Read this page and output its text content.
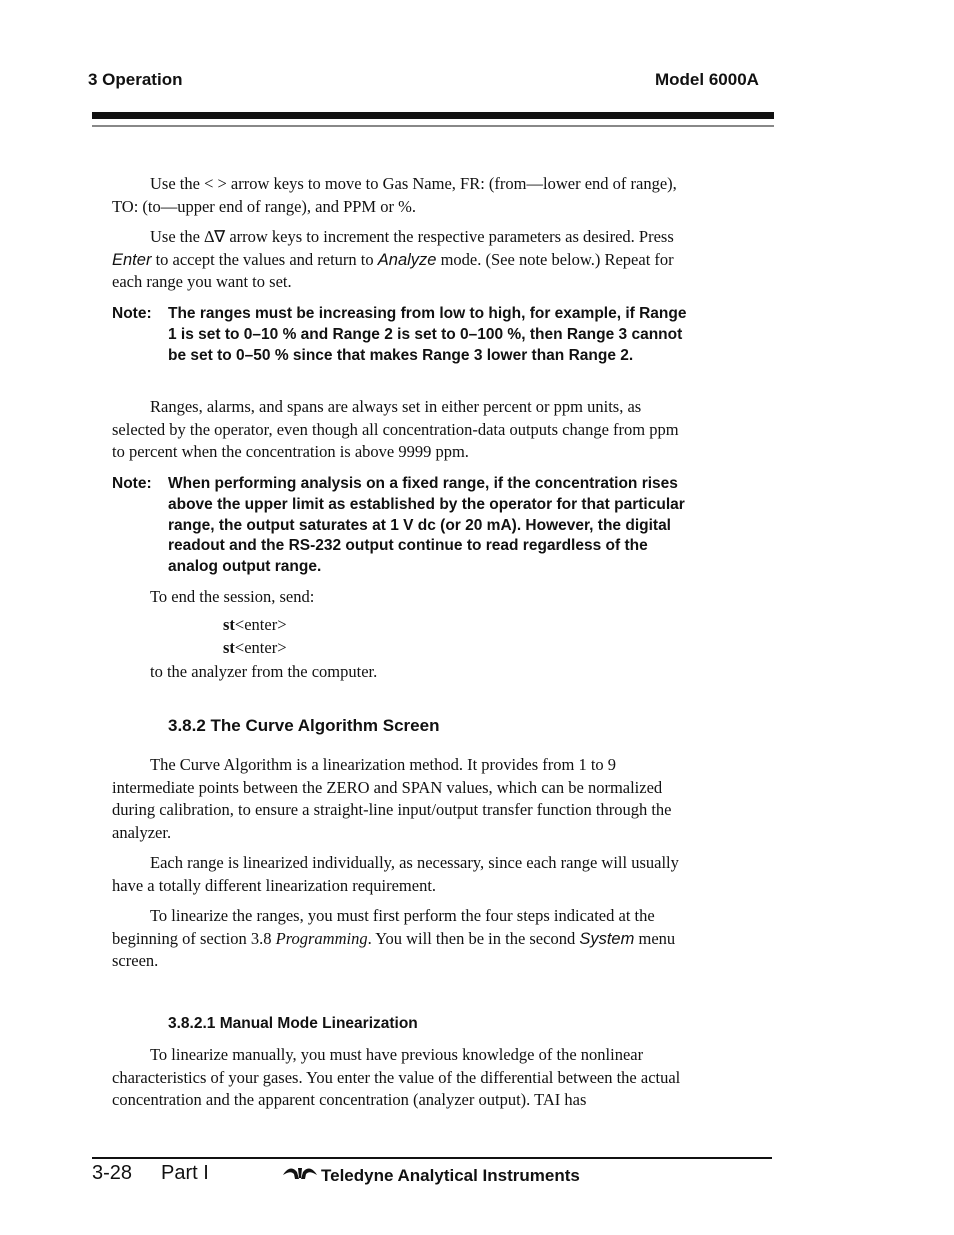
3 Operation	Model 6000A
Use the < > arrow keys to move to Gas Name, FR: (from—lower end of range), TO: (to—upper end of range), and PPM or %.
Use the ∆∇ arrow keys to increment the respective parameters as desired. Press Enter to accept the values and return to Analyze mode. (See note below.) Repeat for each range you want to set.
Note: The ranges must be increasing from low to high, for example, if Range 1 is set to 0–10 % and Range 2 is set to 0–100 %, then Range 3 cannot be set to 0–50 % since that makes Range 3 lower than Range 2.
Ranges, alarms, and spans are always set in either percent or ppm units, as selected by the operator, even though all concentration-data outputs change from ppm to percent when the concentration is above 9999 ppm.
Note: When performing analysis on a fixed range, if the concentration rises above the upper limit as established by the operator for that particular range, the output saturates at 1 V dc (or 20 mA). However, the digital readout and the RS-232 output continue to read regardless of the analog output range.
To end the session, send:
st<enter>
st<enter>
to the analyzer from the computer.
3.8.2 The Curve Algorithm Screen
The Curve Algorithm is a linearization method. It provides from 1 to 9 intermediate points between the ZERO and SPAN values, which can be normalized during calibration, to ensure a straight-line input/output transfer function through the analyzer.
Each range is linearized individually, as necessary, since each range will usually have a totally different linearization requirement.
To linearize the ranges, you must first perform the four steps indicated at the beginning of section 3.8 Programming. You will then be in the second System menu screen.
3.8.2.1 Manual Mode Linearization
To linearize manually, you must have previous knowledge of the nonlinear characteristics of your gases. You enter the value of the differential between the actual concentration and the apparent concentration (analyzer output). TAI has
3-28 Part I	Teledyne Analytical Instruments
